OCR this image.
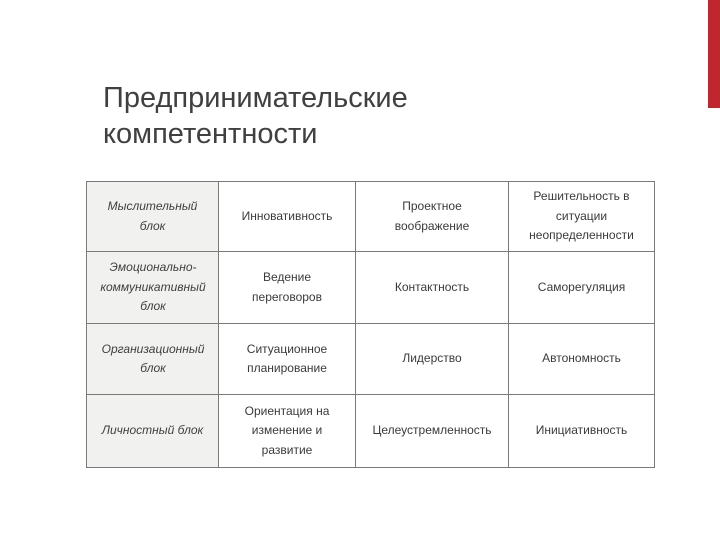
Предпринимательские
компетентности
Мыслительный блок	Инновативность	Проектное воображение	Решительность в ситуации неопределенности

Эмоционально-коммуникативный блок	Ведение переговоров	Контактность	Саморегуляция

Организационный блок	Ситуационное планирование	Лидерство	Автономность
Личностный блок	Ориентация на изменение и развитие	Целеустремленность	Инициативность
